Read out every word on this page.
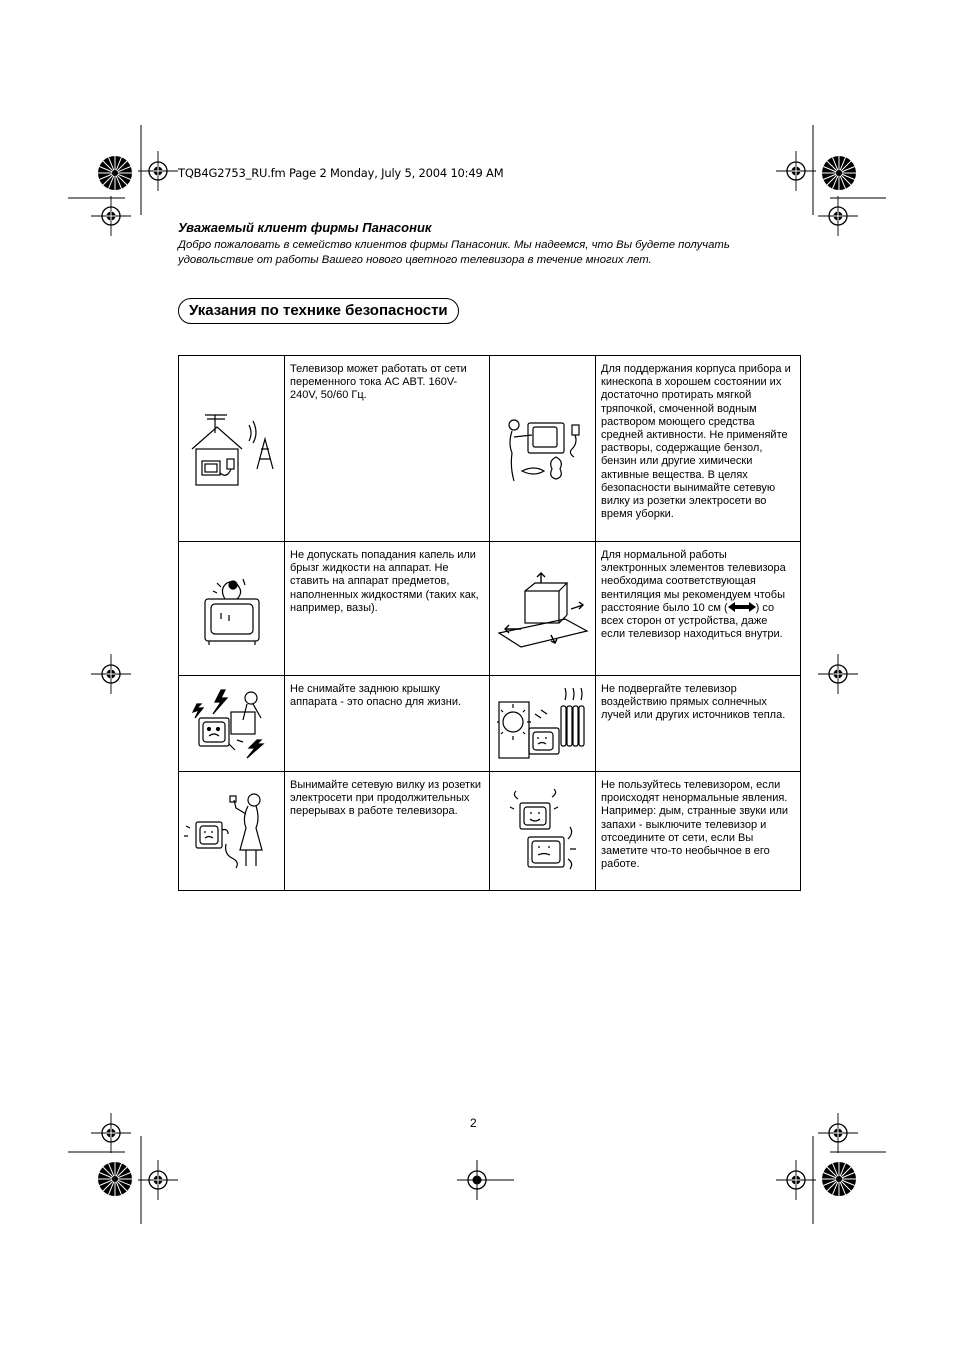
TQB4G2753_RU.fm Page 2 Monday, July 5, 2004 10:49 AM
Уважаемый клиент фирмы Панасоник
Добро пожаловать в семейство клиентов фирмы Панасоник. Мы надеемся, что Вы будете получать
удовольствие от работы Вашего нового цветного телевизора в течение многих лет.
Указания по технике безопасности
	Телевизор может работать от сети переменного тока AC ABT. 160V-240V, 50/60 Гц.		Для поддержания корпуса прибора и кинескопа в хорошем состоянии их достаточно протирать мягкой тряпочкой, смоченной водным раствором моющего средства средней активности. Не применяйте растворы, содержащие бензол, бензин или другие химически активные вещества. В целях безопасности вынимайте сетевую вилку из розетки электросети во время уборки.

	Не допускать попадания капель или брызг жидкости на аппарат. Не ставить на аппарат предметов, наполненных жидкостями (таких как, например, вазы).		Для нормальной работы электронных элементов телевизора необходима соответствующая вентиляция мы рекомендуем чтобы расстояние было 10 см ( ) со всех сторон от устройства, даже если телевизор находиться внутри.

	Не снимайте заднюю крышку аппарата - это опасно для жизни.		Не подвергайте телевизор воздействию прямых солнечных лучей или других источников тепла.

	Вынимайте сетевую вилку из розетки электросети при продолжительных перерывах в работе телевизора.		Не пользуйтесь телевизором, если происходят ненормальные явления.
Например: дым, странные звуки или запахи - выключите телевизор и отсоедините от сети, если Вы заметите что-то необычное в его работе.
2
